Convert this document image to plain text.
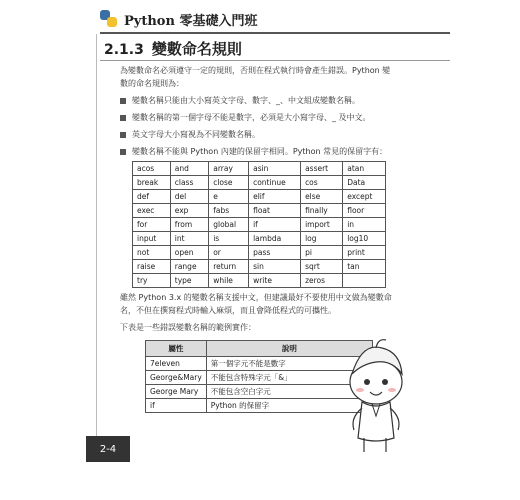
Python 零基礎入門班
2.1.3 變數命名規則
為變數命名必須遵守一定的規則，否則在程式執行時會產生錯誤。Python 變
數的命名規則為：
變數名稱只能由大小寫英文字母、數字、_、中文組成變數名稱。
變數名稱的第一個字母不能是數字，必須是大小寫字母、_ 及中文。
英文字母大小寫視為不同變數名稱。
變數名稱不能與 Python 內建的保留字相同。Python 常見的保留字有：
acos	and	array	asin	assert	atan
break	class	close	continue	cos	Data
def	del	e	elif	else	except
exec	exp	fabs	float	finally	floor
for	from	global	if	import	in
input	int	is	lambda	log	log10
not	open	or	pass	pi	print
raise	range	return	sin	sqrt	tan
try	type	while	write	zeros	
雖然 Python 3.x 的變數名稱支援中文，但建議最好不要使用中文做為變數命
名，不但在撰寫程式時輸入麻煩，而且會降低程式的可攜性。
下表是一些錯誤變數名稱的範例實作：
屬性	說明
7eleven	第一個字元不能是數字
George&Mary	不能包含特殊字元「&」
George Mary	不能包含空白字元
if	Python 的保留字
2-4
